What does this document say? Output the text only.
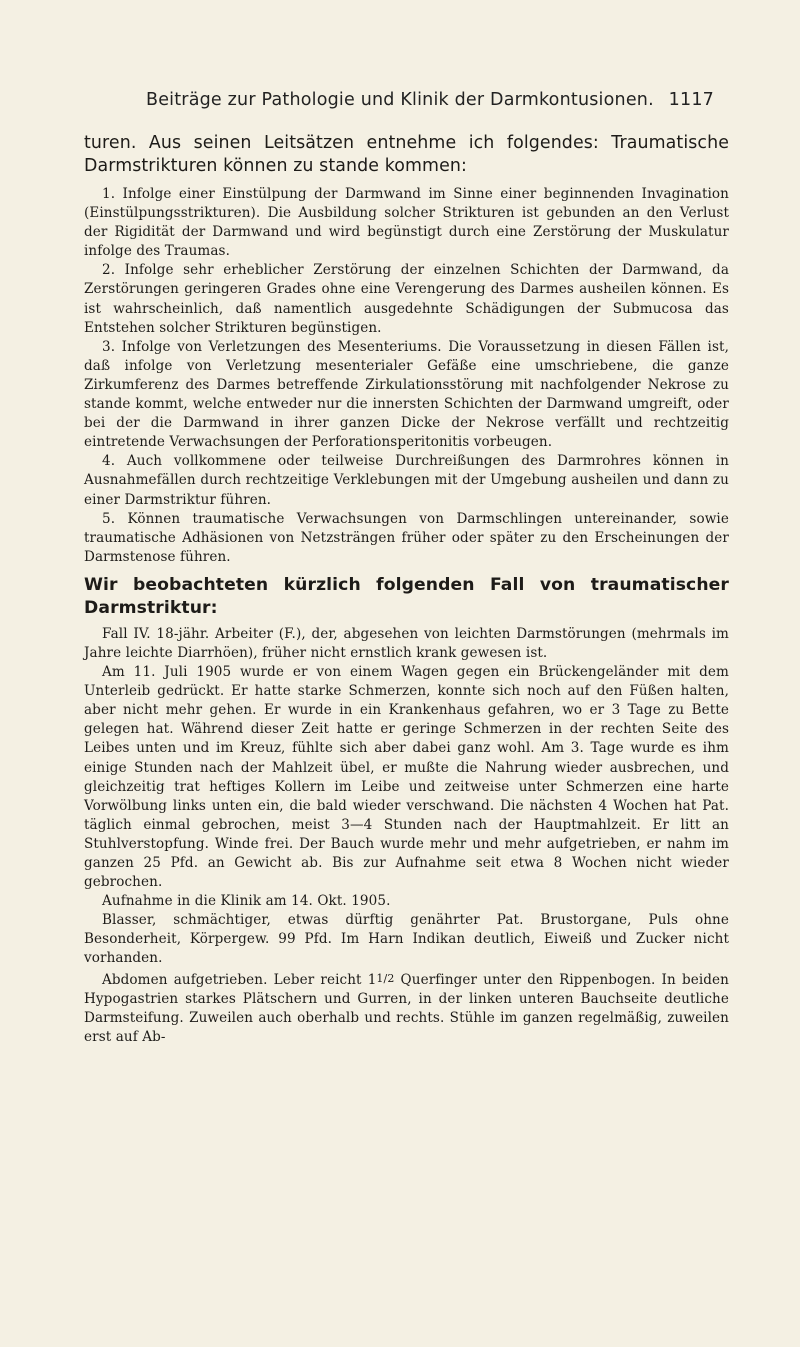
Beiträge zur Pathologie und Klinik der Darmkontusionen. 1117

turen. Aus seinen Leitsätzen entnehme ich folgendes: Traumatische Darmstrikturen können zu stande kommen:

1. Infolge einer Einstülpung der Darmwand im Sinne einer beginnenden Invagination (Einstülpungsstrikturen). Die Ausbildung solcher Strikturen ist gebunden an den Verlust der Rigidität der Darmwand und wird begünstigt durch eine Zerstörung der Muskulatur infolge des Traumas.

2. Infolge sehr erheblicher Zerstörung der einzelnen Schichten der Darmwand, da Zerstörungen geringeren Grades ohne eine Verengerung des Darmes ausheilen können. Es ist wahrscheinlich, daß namentlich ausgedehnte Schädigungen der Submucosa das Entstehen solcher Strikturen begünstigen.

3. Infolge von Verletzungen des Mesenteriums. Die Voraussetzung in diesen Fällen ist, daß infolge von Verletzung mesenterialer Gefäße eine umschriebene, die ganze Zirkumferenz des Darmes betreffende Zirkulationsstörung mit nachfolgender Nekrose zu stande kommt, welche entweder nur die innersten Schichten der Darmwand umgreift, oder bei der die Darmwand in ihrer ganzen Dicke der Nekrose verfällt und rechtzeitig eintretende Verwachsungen der Perforationsperitonitis vorbeugen.

4. Auch vollkommene oder teilweise Durchreißungen des Darmrohres können in Ausnahmefällen durch rechtzeitige Verklebungen mit der Umgebung ausheilen und dann zu einer Darmstriktur führen.

5. Können traumatische Verwachsungen von Darmschlingen untereinander, sowie traumatische Adhäsionen von Netzsträngen früher oder später zu den Erscheinungen der Darmstenose führen.

Wir beobachteten kürzlich folgenden Fall von traumatischer Darmstriktur:

Fall IV. 18-jähr. Arbeiter (F.), der, abgesehen von leichten Darmstörungen (mehrmals im Jahre leichte Diarrhöen), früher nicht ernstlich krank gewesen ist.

Am 11. Juli 1905 wurde er von einem Wagen gegen ein Brückengeländer mit dem Unterleib gedrückt. Er hatte starke Schmerzen, konnte sich noch auf den Füßen halten, aber nicht mehr gehen. Er wurde in ein Krankenhaus gefahren, wo er 3 Tage zu Bette gelegen hat. Während dieser Zeit hatte er geringe Schmerzen in der rechten Seite des Leibes unten und im Kreuz, fühlte sich aber dabei ganz wohl. Am 3. Tage wurde es ihm einige Stunden nach der Mahlzeit übel, er mußte die Nahrung wieder ausbrechen, und gleichzeitig trat heftiges Kollern im Leibe und zeitweise unter Schmerzen eine harte Vorwölbung links unten ein, die bald wieder verschwand. Die nächsten 4 Wochen hat Pat. täglich einmal gebrochen, meist 3—4 Stunden nach der Hauptmahlzeit. Er litt an Stuhlverstopfung. Winde frei. Der Bauch wurde mehr und mehr aufgetrieben, er nahm im ganzen 25 Pfd. an Gewicht ab. Bis zur Aufnahme seit etwa 8 Wochen nicht wieder gebrochen.

Aufnahme in die Klinik am 14. Okt. 1905.

Blasser, schmächtiger, etwas dürftig genährter Pat. Brustorgane, Puls ohne Besonderheit, Körpergew. 99 Pfd. Im Harn Indikan deutlich, Eiweiß und Zucker nicht vorhanden.

Abdomen aufgetrieben. Leber reicht 11/2 Querfinger unter den Rippenbogen. In beiden Hypogastrien starkes Plätschern und Gurren, in der linken unteren Bauchseite deutliche Darmsteifung. Zuweilen auch oberhalb und rechts. Stühle im ganzen regelmäßig, zuweilen erst auf Ab-
